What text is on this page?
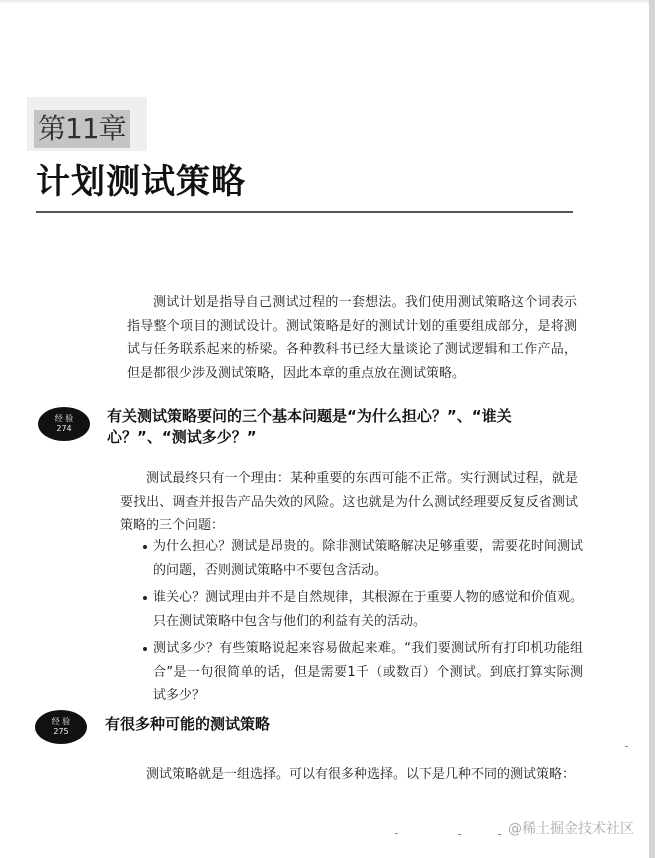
第11章
计划测试策略

测试计划是指导自己测试过程的一套想法。我们使用测试策略这个词表示指导整个项目的测试设计。测试策略是好的测试计划的重要组成部分，是将测试与任务联系起来的桥梁。各种教科书已经大量谈论了测试逻辑和工作产品，但是都很少涉及测试策略，因此本章的重点放在测试策略。

经 验
274
有关测试策略要问的三个基本问题是“为什么担心？”、“谁关心？”、“测试多少？”

测试最终只有一个理由：某种重要的东西可能不正常。实行测试过程，就是要找出、调查并报告产品失效的风险。这也就是为什么测试经理要反复反省测试策略的三个问题：

为什么担心？测试是昂贵的。除非测试策略解决足够重要，需要花时间测试的问题，否则测试策略中不要包含活动。
谁关心？测试理由并不是自然规律，其根源在于重要人物的感觉和价值观。只在测试策略中包含与他们的利益有关的活动。
测试多少？有些策略说起来容易做起来难。“我们要测试所有打印机功能组合”是一句很简单的话，但是需要1千（或数百）个测试。到底打算实际测试多少？
经 验
275 有很多种可能的测试策略

测试策略就是一组选择。可以有很多种选择。以下是几种不同的测试策略：

@稀土掘金技术社区
